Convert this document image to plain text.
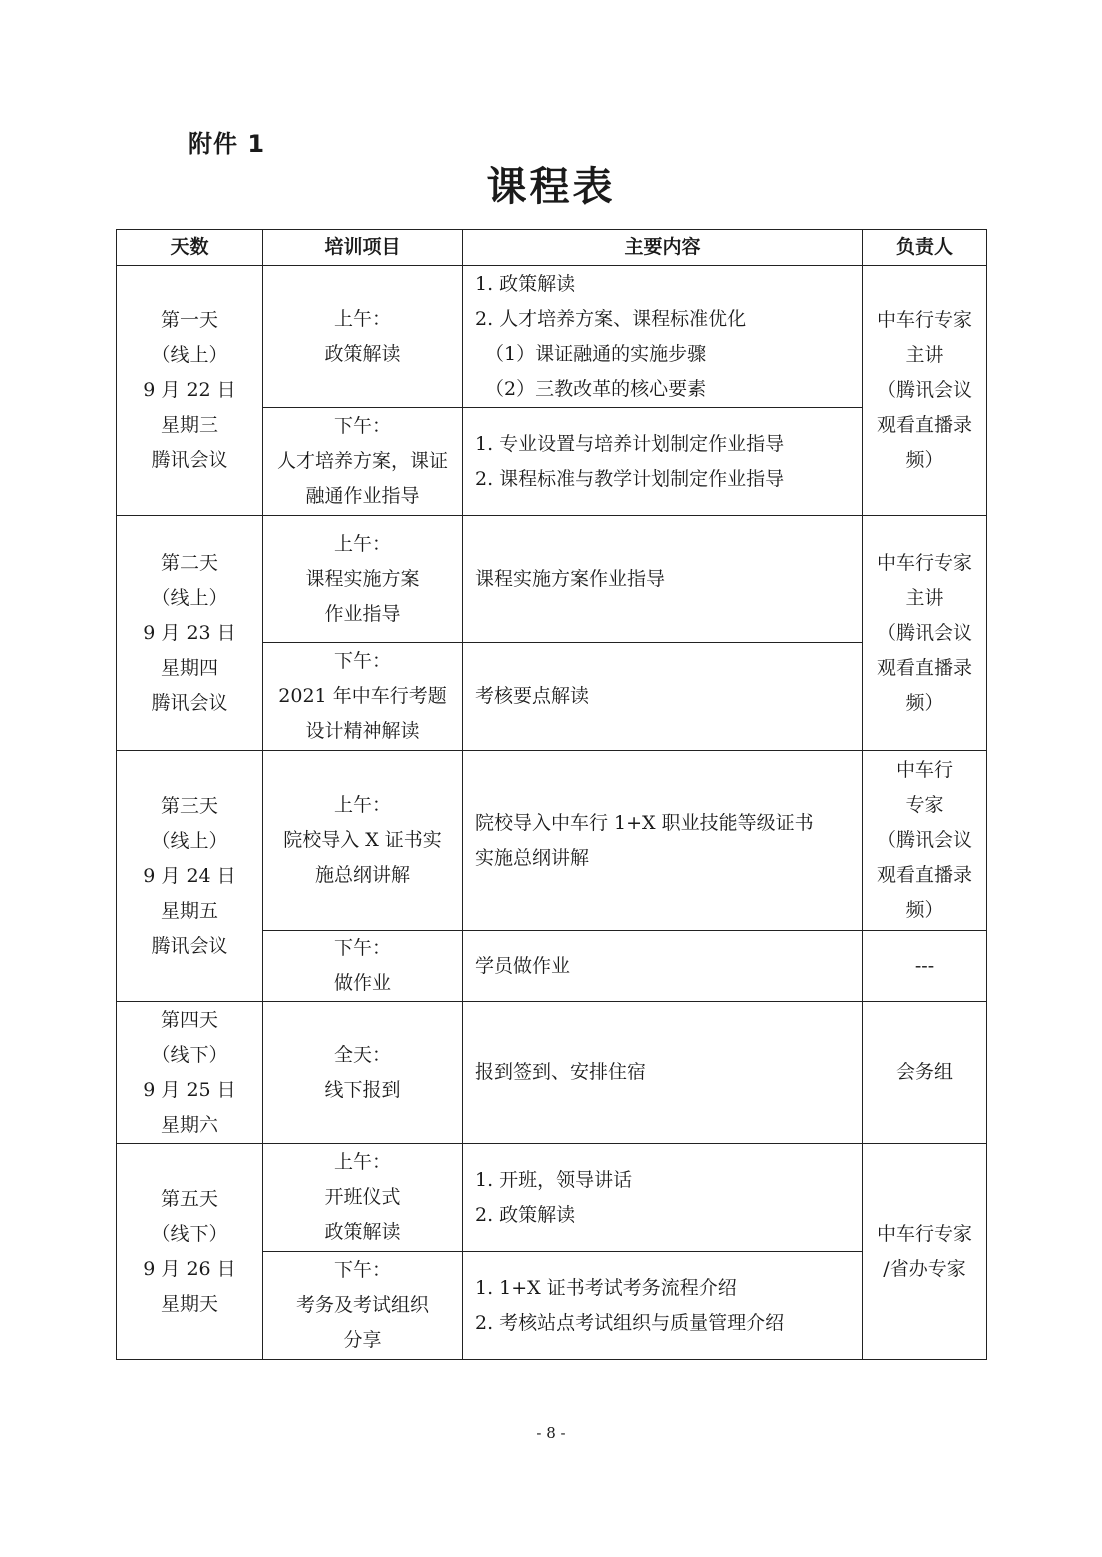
附件 1
课程表
天数	培训项目	主要内容	负责人

第一天
（线上）
9 月 22 日
星期三
腾讯会议	上午：
政策解读	1. 政策解读
2. 人才培养方案、课程标准优化
（1）课证融通的实施步骤
（2）三教改革的核心要素	中车行专家
主讲
（腾讯会议
观看直播录
频）

	下午：
人才培养方案，课证
融通作业指导	1. 专业设置与培养计划制定作业指导
2. 课程标准与教学计划制定作业指导	

第二天
（线上）
9 月 23 日
星期四
腾讯会议	上午：
课程实施方案
作业指导	课程实施方案作业指导	中车行专家
主讲
（腾讯会议
观看直播录
频）

	下午：
2021 年中车行考题
设计精神解读	考核要点解读	

第三天
（线上）
9 月 24 日
星期五
腾讯会议	上午：
院校导入 X 证书实
施总纲讲解	院校导入中车行 1+X 职业技能等级证书
实施总纲讲解	中车行
专家
（腾讯会议
观看直播录
频）

	下午：
做作业	学员做作业	---

第四天
（线下）
9 月 25 日
星期六	全天：
线下报到	报到签到、安排住宿	会务组

第五天
（线下）
9 月 26 日
星期天	上午：
开班仪式
政策解读	1. 开班，领导讲话
2. 政策解读	中车行专家
/省办专家

	下午：
考务及考试组织
分享	1. 1+X 证书考试考务流程介绍
2. 考核站点考试组织与质量管理介绍	
- 8 -
